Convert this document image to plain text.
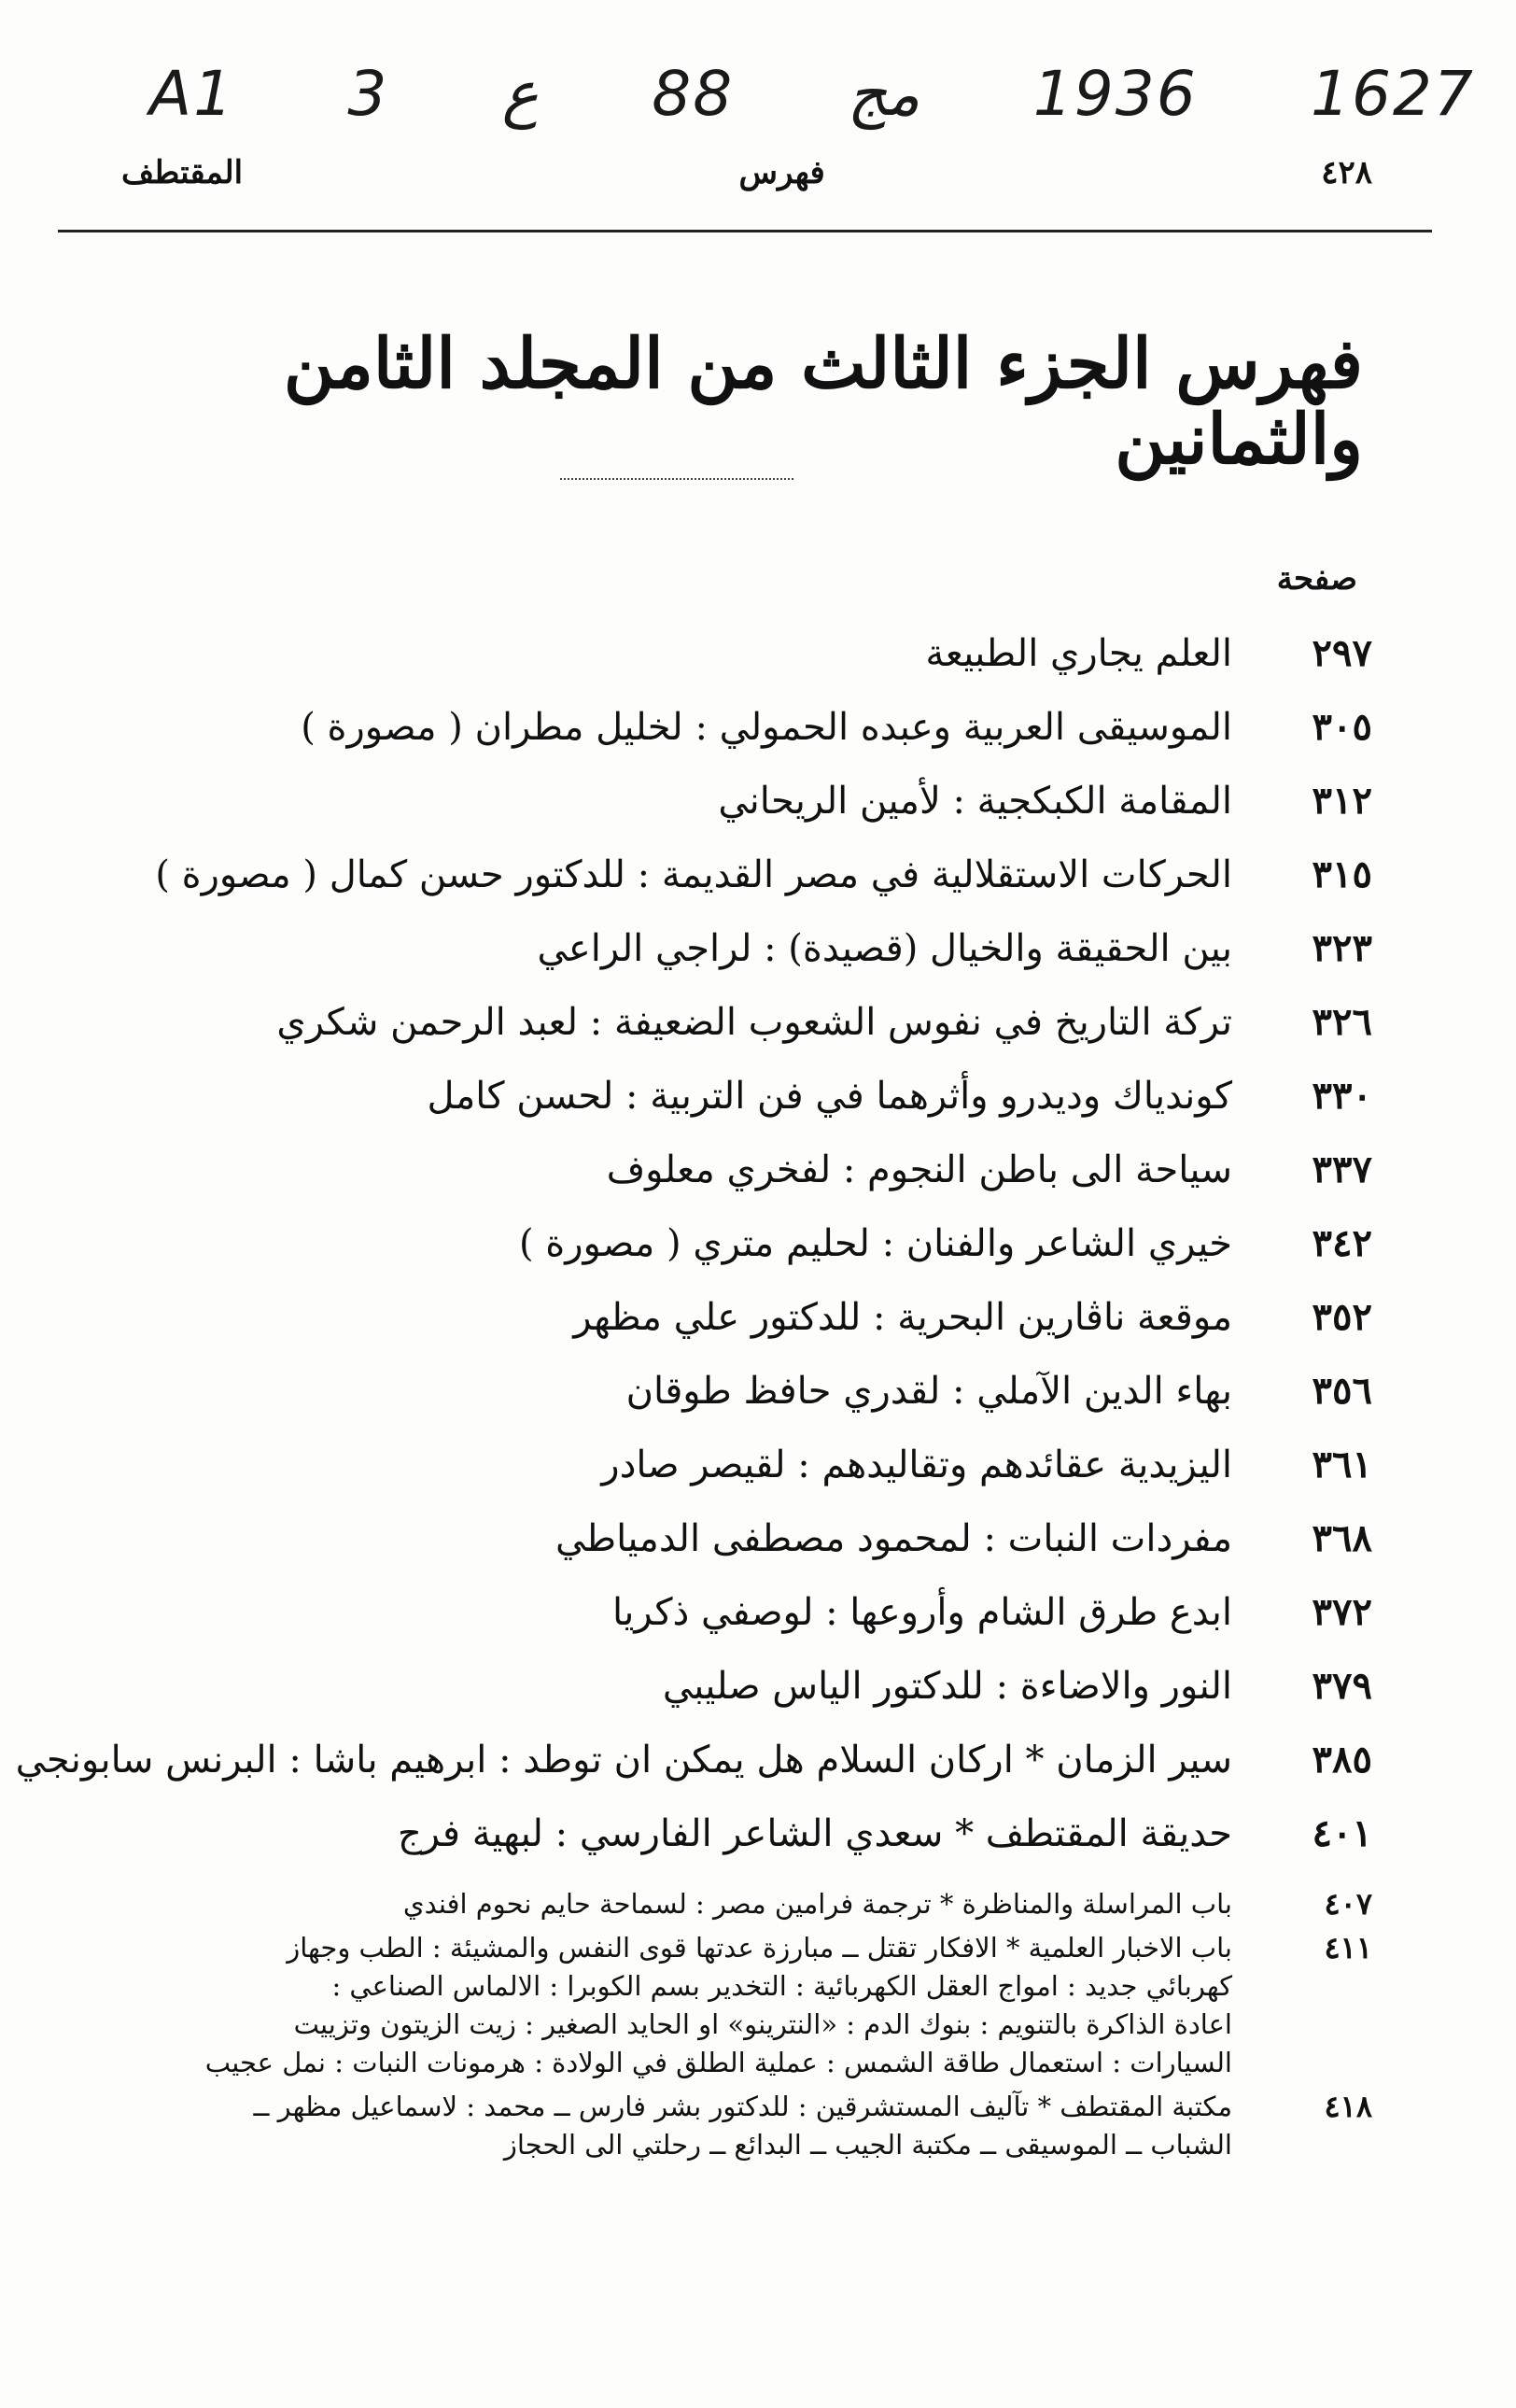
A1 3 ع 88 مج 1936 1627
٤٢٨
فهرس
المقتطف
فهرس الجزء الثالث من المجلد الثامن والثمانين
صفحة
٢٩٧
العلم يجاري الطبيعة
٣٠٥
الموسيقى العربية وعبده الحمولي : لخليل مطران ( مصورة )
٣١٢
المقامة الكبكجية : لأمين الريحاني
٣١٥
الحركات الاستقلالية في مصر القديمة : للدكتور حسن كمال ( مصورة )
٣٢٣
بين الحقيقة والخيال (قصيدة) : لراجي الراعي
٣٢٦
تركة التاريخ في نفوس الشعوب الضعيفة : لعبد الرحمن شكري
٣٣٠
كوندياك وديدرو وأثرهما في فن التربية : لحسن كامل
٣٣٧
سياحة الى باطن النجوم : لفخري معلوف
٣٤٢
خيري الشاعر والفنان : لحليم متري ( مصورة )
٣٥٢
موقعة ناڤارين البحرية : للدكتور علي مظهر
٣٥٦
بهاء الدين الآملي : لقدري حافظ طوقان
٣٦١
اليزيدية عقائدهم وتقاليدهم : لقيصر صادر
٣٦٨
مفردات النبات : لمحمود مصطفى الدمياطي
٣٧٢
ابدع طرق الشام وأروعها : لوصفي ذكريا
٣٧٩
النور والاضاءة : للدكتور الياس صليبي
٣٨٥
سير الزمان * اركان السلام هل يمكن ان توطد : ابرهيم باشا : البرنس سابونجي
٤٠١
حديقة المقتطف * سعدي الشاعر الفارسي : لبهية فرج
٤٠٧
باب المراسلة والمناظرة * ترجمة فرامين مصر : لسماحة حايم نحوم افندي
٤١١
باب الاخبار العلمية * الافكار تقتل ــ مبارزة عدتها قوى النفس والمشيئة : الطب وجهاز
كهربائي جديد : امواج العقل الكهربائية : التخدير بسم الكوبرا : الالماس الصناعي :
اعادة الذاكرة بالتنويم : بنوك الدم : «النترينو» او الحايد الصغير : زيت الزيتون وتزييت
السيارات : استعمال طاقة الشمس : عملية الطلق في الولادة : هرمونات النبات : نمل عجيب
٤١٨
مكتبة المقتطف * تآليف المستشرقين : للدكتور بشر فارس ــ محمد : لاسماعيل مظهر ــ
الشباب ــ الموسيقى ــ مكتبة الجيب ــ البدائع ــ رحلتي الى الحجاز
